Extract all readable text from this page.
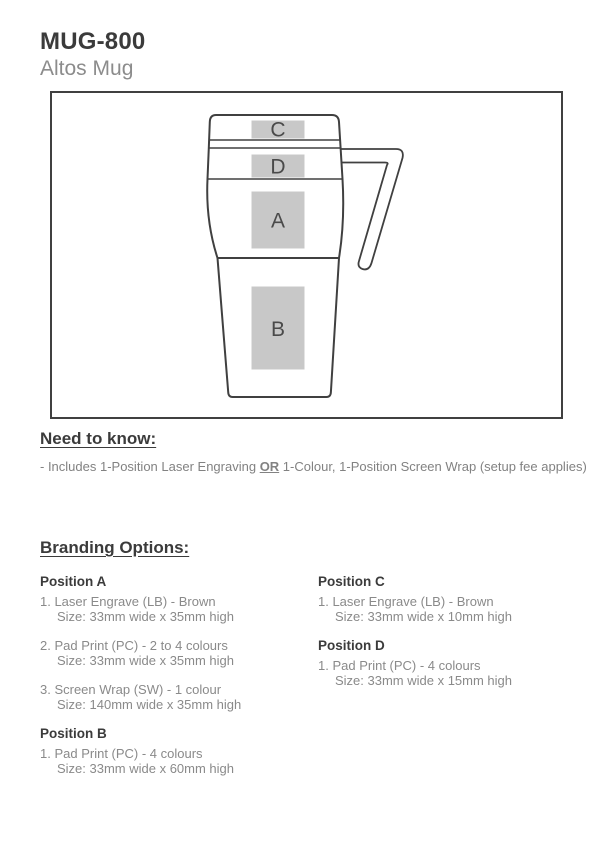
MUG-800
Altos Mug
C
D
A
B
Need to know:
- Includes 1-Position Laser Engraving OR 1-Colour, 1-Position Screen Wrap (setup fee applies)
Branding Options:
Position A
1. Laser Engrave (LB) - Brown
Size: 33mm wide x 35mm high
2. Pad Print (PC) - 2 to 4 colours
Size: 33mm wide x 35mm high
3. Screen Wrap (SW) - 1 colour
Size: 140mm wide x 35mm high
Position B
1. Pad Print (PC) - 4 colours
Size: 33mm wide x 60mm high
Position C
1. Laser Engrave (LB) - Brown
Size: 33mm wide x 10mm high
Position D
1. Pad Print (PC) - 4 colours
Size: 33mm wide x 15mm high
